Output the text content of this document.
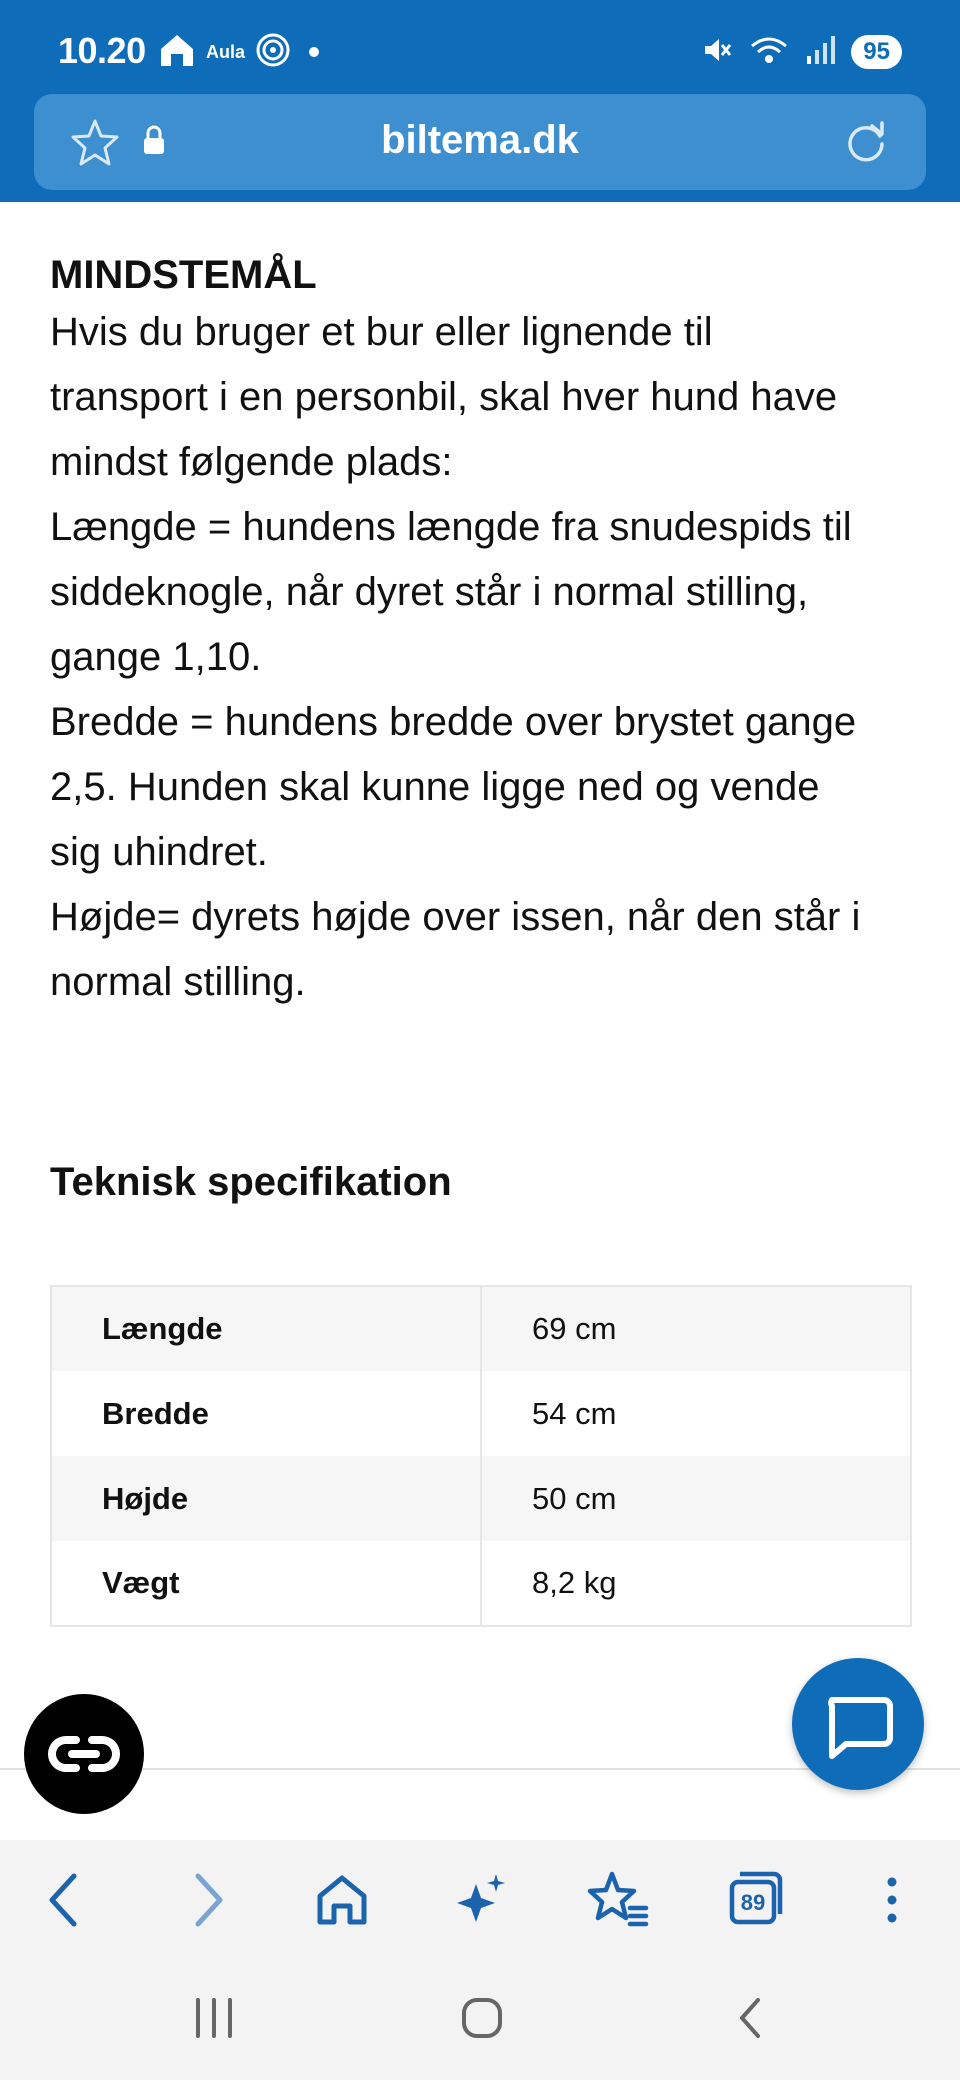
10.20	Aula	95
biltema.dk
MINDSTEMÅL
Hvis du bruger et bur eller lignende til
transport i en personbil, skal hver hund have
mindst følgende plads:
Længde = hundens længde fra snudespids til
siddeknogle, når dyret står i normal stilling,
gange 1,10.
Bredde = hundens bredde over brystet gange
2,5. Hunden skal kunne ligge ned og vende
sig uhindret.
Højde= dyrets højde over issen, når den står i
normal stilling.
Teknisk specifikation
Længde	69 cm
Bredde	54 cm
Højde	50 cm
Vægt	8,2 kg
89
